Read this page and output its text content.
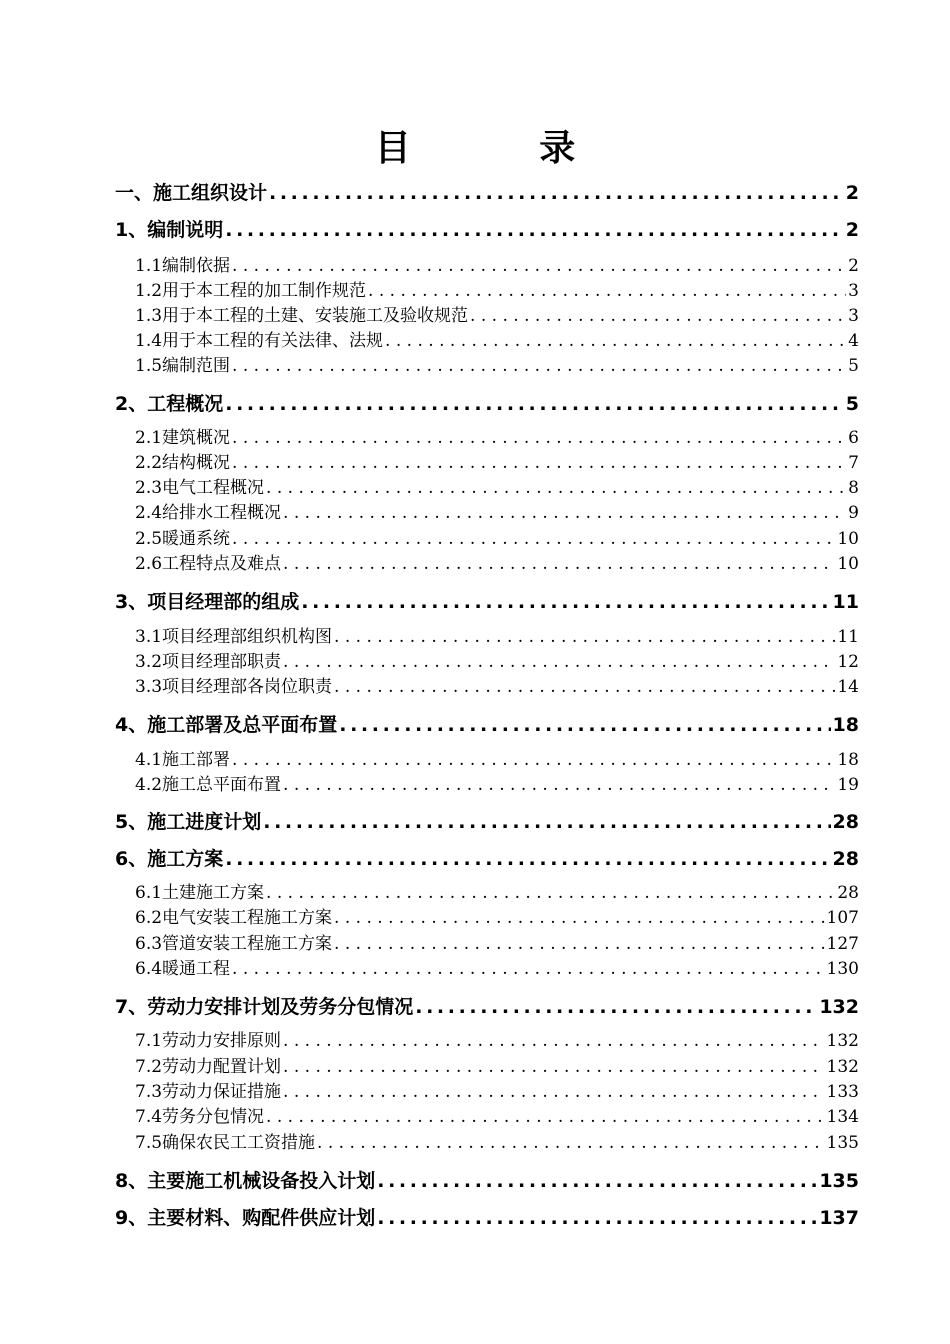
目 录
一、施工组织设计 . . .	2
1、编制说明 . . .	2
1.1编制依据 . . .	2
1.2用于本工程的加工制作规范 . . .	3
1.3用于本工程的土建、安装施工及验收规范 . . .	3
1.4用于本工程的有关法律、法规 . . .	4
1.5编制范围 . . .	5
2、工程概况 . . .	5
2.1建筑概况 . . .	6
2.2结构概况 . . .	7
2.3电气工程概况 . . .	8
2.4给排水工程概况 . . .	9
2.5暖通系统 . . .	10
2.6工程特点及难点 . . .	10
3、项目经理部的组成 . . .	11
3.1项目经理部组织机构图 . . .	11
3.2项目经理部职责 . . .	12
3.3项目经理部各岗位职责 . . .	14
4、施工部署及总平面布置 . . .	18
4.1施工部署 . . .	18
4.2施工总平面布置 . . .	19
5、施工进度计划 . . .	28
6、施工方案 . . .	28
6.1土建施工方案 . . .	28
6.2电气安装工程施工方案 . . .	107
6.3管道安装工程施工方案 . . .	127
6.4暖通工程 . . .	130
7、劳动力安排计划及劳务分包情况 . . .	132
7.1劳动力安排原则 . . .	132
7.2劳动力配置计划 . . .	132
7.3劳动力保证措施 . . .	133
7.4劳务分包情况 . . .	134
7.5确保农民工工资措施 . . .	135
8、主要施工机械设备投入计划 . . .	135
9、主要材料、购配件供应计划 . . .	137
